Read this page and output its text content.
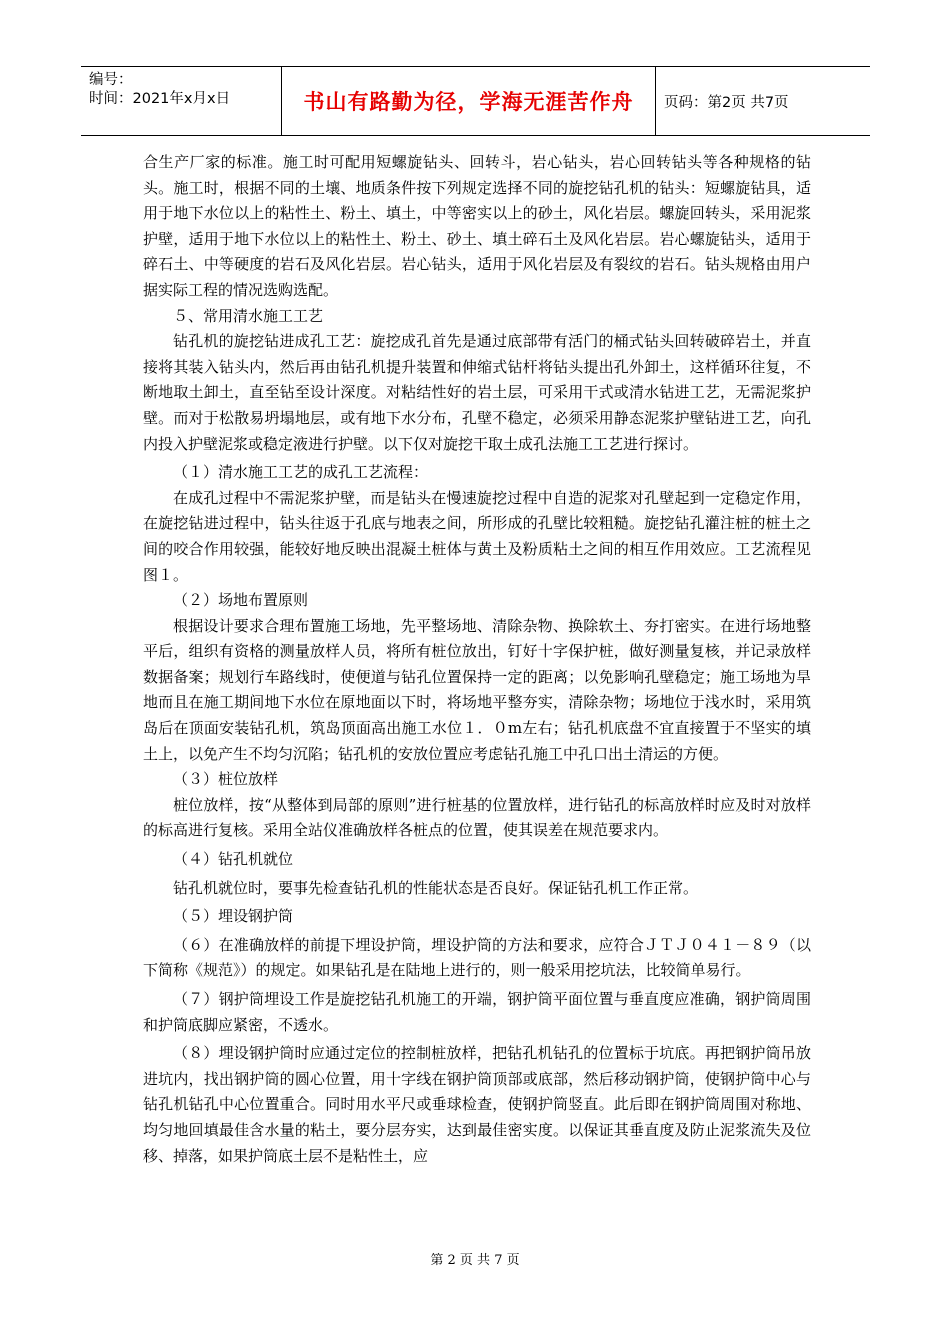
编号：
时间：2021年x月x日	书山有路勤为径，学海无涯苦作舟	页码：第2页 共7页

合生产厂家的标准。施工时可配用短螺旋钻头、回转斗，岩心钻头，岩心回转钻头等各种规格的钻头。施工时，根据不同的土壤、地质条件按下列规定选择不同的旋挖钻孔机的钻头：短螺旋钻具，适用于地下水位以上的粘性土、粉土、填土，中等密实以上的砂土，风化岩层。螺旋回转头，采用泥浆护壁，适用于地下水位以上的粘性土、粉土、砂土、填土碎石土及风化岩层。岩心螺旋钻头，适用于碎石土、中等硬度的岩石及风化岩层。岩心钻头，适用于风化岩层及有裂纹的岩石。钻头规格由用户据实际工程的情况选购选配。

５、常用清水施工工艺

钻孔机的旋挖钻进成孔工艺：旋挖成孔首先是通过底部带有活门的桶式钻头回转破碎岩土，并直接将其装入钻头内，然后再由钻孔机提升装置和伸缩式钻杆将钻头提出孔外卸土，这样循环往复，不断地取土卸土，直至钻至设计深度。对粘结性好的岩土层，可采用干式或清水钻进工艺，无需泥浆护壁。而对于松散易坍塌地层，或有地下水分布，孔壁不稳定，必须采用静态泥浆护壁钻进工艺，向孔内投入护壁泥浆或稳定液进行护壁。以下仅对旋挖干取土成孔法施工工艺进行探讨。

（１）清水施工工艺的成孔工艺流程：

在成孔过程中不需泥浆护壁，而是钻头在慢速旋挖过程中自造的泥浆对孔壁起到一定稳定作用，在旋挖钻进过程中，钻头往返于孔底与地表之间，所形成的孔壁比较粗糙。旋挖钻孔灌注桩的桩土之间的咬合作用较强，能较好地反映出混凝土桩体与黄土及粉质粘土之间的相互作用效应。工艺流程见图１。

（２）场地布置原则

根据设计要求合理布置施工场地，先平整场地、清除杂物、换除软土、夯打密实。在进行场地整平后，组织有资格的测量放样人员，将所有桩位放出，钉好十字保护桩，做好测量复核，并记录放样数据备案；规划行车路线时，使便道与钻孔位置保持一定的距离；以免影响孔壁稳定；施工场地为旱地而且在施工期间地下水位在原地面以下时，将场地平整夯实，清除杂物；场地位于浅水时，采用筑岛后在顶面安装钻孔机，筑岛顶面高出施工水位１．０m左右；钻孔机底盘不宜直接置于不坚实的填土上，以免产生不均匀沉陷；钻孔机的安放位置应考虑钻孔施工中孔口出土清运的方便。

（３）桩位放样

桩位放样，按“从整体到局部的原则”进行桩基的位置放样，进行钻孔的标高放样时应及时对放样的标高进行复核。采用全站仪准确放样各桩点的位置，使其误差在规范要求内。

（４）钻孔机就位

钻孔机就位时，要事先检查钻孔机的性能状态是否良好。保证钻孔机工作正常。

（５）埋设钢护筒

（６）在准确放样的前提下埋设护筒，埋设护筒的方法和要求，应符合ＪＴＪ０４１－８９（以下简称《规范》）的规定。如果钻孔是在陆地上进行的，则一般采用挖坑法，比较简单易行。

（７）钢护筒埋设工作是旋挖钻孔机施工的开端，钢护筒平面位置与垂直度应准确，钢护筒周围和护筒底脚应紧密，不透水。

（８）埋设钢护筒时应通过定位的控制桩放样，把钻孔机钻孔的位置标于坑底。再把钢护筒吊放进坑内，找出钢护筒的圆心位置，用十字线在钢护筒顶部或底部，然后移动钢护筒，使钢护筒中心与钻孔机钻孔中心位置重合。同时用水平尺或垂球检查，使钢护筒竖直。此后即在钢护筒周围对称地、均匀地回填最佳含水量的粘土，要分层夯实，达到最佳密实度。以保证其垂直度及防止泥浆流失及位移、掉落，如果护筒底土层不是粘性土，应

第 2 页 共 7 页
